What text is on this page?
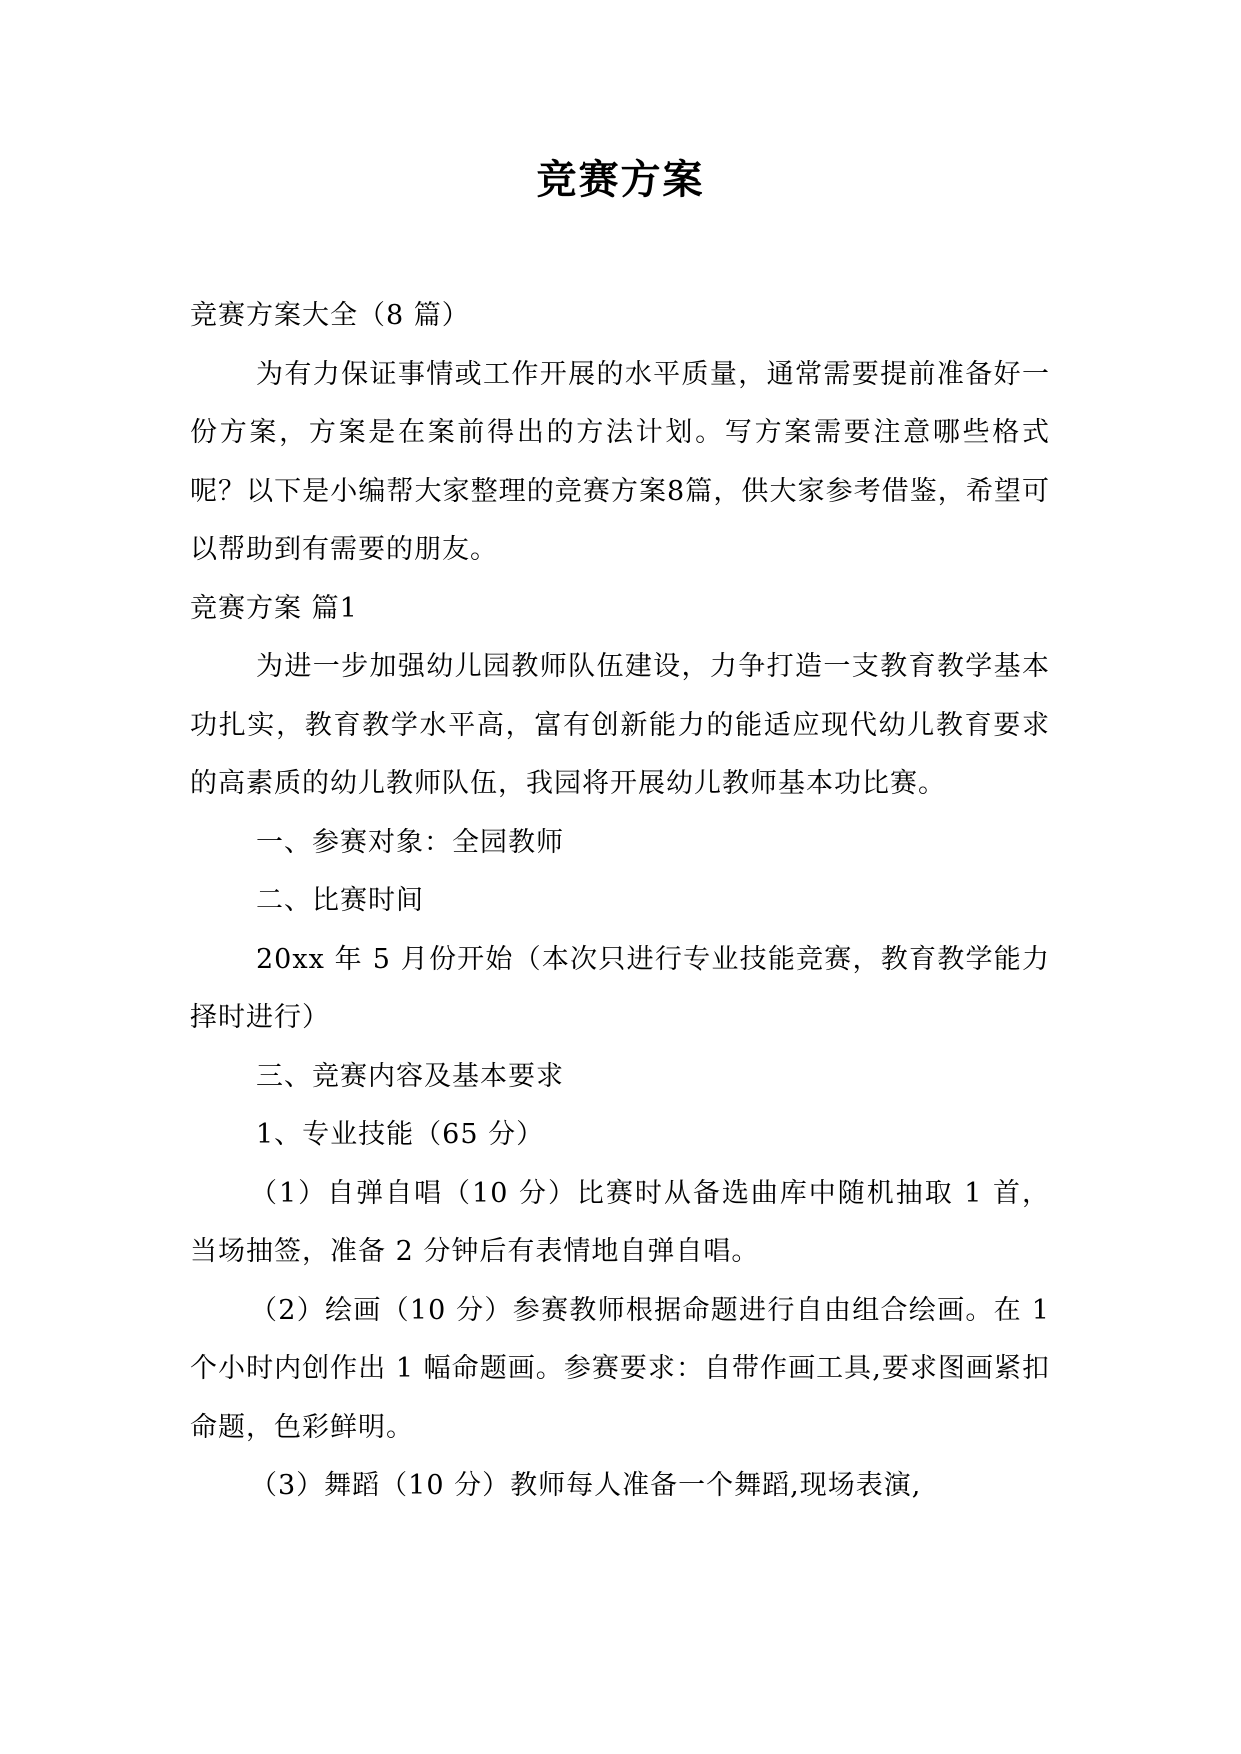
竞赛方案

竞赛方案大全（8 篇）

为有力保证事情或工作开展的水平质量，通常需要提前准备好一份方案，方案是在案前得出的方法计划。写方案需要注意哪些格式呢？以下是小编帮大家整理的竞赛方案8篇，供大家参考借鉴，希望可以帮助到有需要的朋友。

竞赛方案 篇1

为进一步加强幼儿园教师队伍建设，力争打造一支教育教学基本功扎实，教育教学水平高，富有创新能力的能适应现代幼儿教育要求的高素质的幼儿教师队伍，我园将开展幼儿教师基本功比赛。

一、参赛对象：全园教师

二、比赛时间

20xx 年 5 月份开始（本次只进行专业技能竞赛，教育教学能力择时进行）

三、竞赛内容及基本要求

1、专业技能（65 分）

（1）自弹自唱（10 分）比赛时从备选曲库中随机抽取 1 首，当场抽签，准备 2 分钟后有表情地自弹自唱。

（2）绘画（10 分）参赛教师根据命题进行自由组合绘画。在 1 个小时内创作出 1 幅命题画。参赛要求：自带作画工具,要求图画紧扣命题，色彩鲜明。

（3）舞蹈（10 分）教师每人准备一个舞蹈,现场表演,
